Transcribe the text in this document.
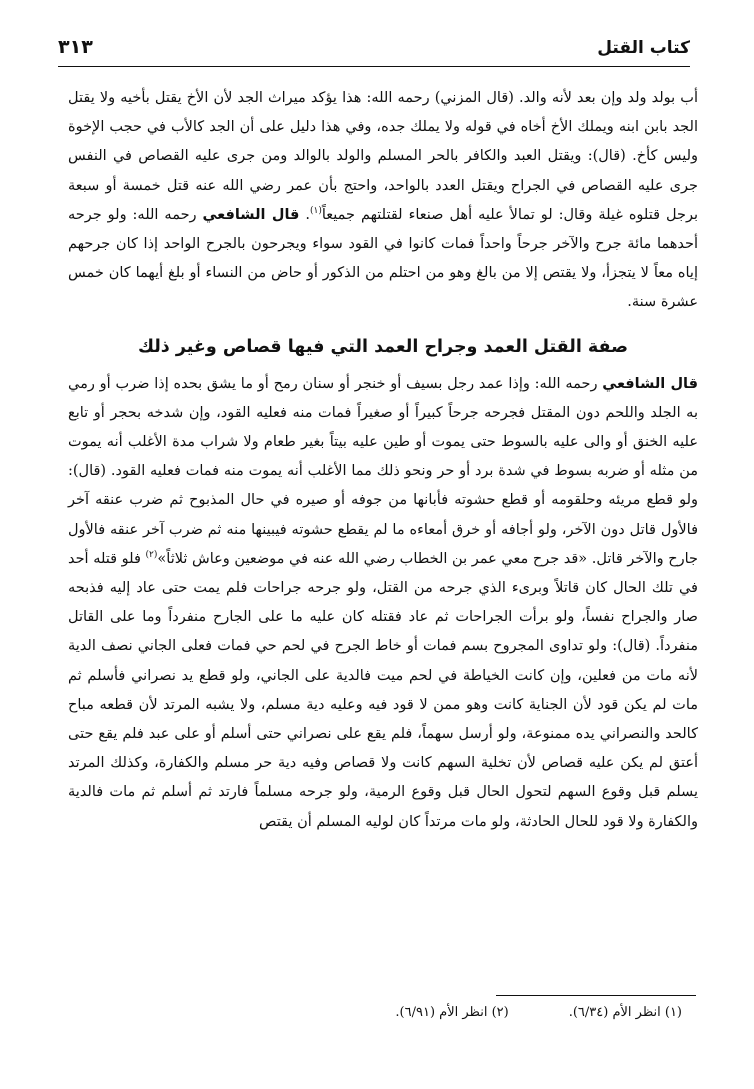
كتاب القتل
٣١٣

أب بولد ولد وإن بعد لأنه والد. (قال المزني) رحمه الله: هذا يؤكد ميراث الجد لأن الأخ يقتل بأخيه ولا يقتل الجد بابن ابنه ويملك الأخ أخاه في قوله ولا يملك جده، وفي هذا دليل على أن الجد كالأب في حجب الإخوة وليس كأخ. (قال): ويقتل العبد والكافر بالحر المسلم والولد بالوالد ومن جرى عليه القصاص في النفس جرى عليه القصاص في الجراح ويقتل العدد بالواحد، واحتج بأن عمر رضي الله عنه قتل خمسة أو سبعة برجل قتلوه غيلة وقال: لو تمالأ عليه أهل صنعاء لقتلتهم جميعاً$^{(١)}$. قال الشافعي رحمه الله: ولو جرحه أحدهما مائة جرح والآخر جرحاً واحداً فمات كانوا في القود سواء ويجرحون بالجرح الواحد إذا كان جرحهم إياه معاً لا يتجزأ، ولا يقتص إلا من بالغ وهو من احتلم من الذكور أو حاض من النساء أو بلغ أيهما كان خمس عشرة سنة.

صفة القتل العمد وجراح العمد التي فيها قصاص وغير ذلك

قال الشافعي رحمه الله: وإذا عمد رجل بسيف أو خنجر أو سنان رمح أو ما يشق بحده إذا ضرب أو رمي به الجلد واللحم دون المقتل فجرحه جرحاً كبيراً أو صغيراً فمات منه فعليه القود، وإن شدخه بحجر أو تابع عليه الخنق أو والى عليه بالسوط حتى يموت أو طين عليه بيتاً بغير طعام ولا شراب مدة الأغلب أنه يموت من مثله أو ضربه بسوط في شدة برد أو حر ونحو ذلك مما الأغلب أنه يموت منه فمات فعليه القود. (قال): ولو قطع مريئه وحلقومه أو قطع حشوته فأبانها من جوفه أو صيره في حال المذبوح ثم ضرب عنقه آخر فالأول قاتل دون الآخر، ولو أجافه أو خرق أمعاءه ما لم يقطع حشوته فيبينها منه ثم ضرب آخر عنقه فالأول جارح والآخر قاتل. «قد جرح معي عمر بن الخطاب رضي الله عنه في موضعين وعاش ثلاثاً»$^{(٢)}$ فلو قتله أحد في تلك الحال كان قاتلاً وبرىء الذي جرحه من القتل، ولو جرحه جراحات فلم يمت حتى عاد إليه فذبحه صار والجراح نفساً، ولو برأت الجراحات ثم عاد فقتله كان عليه ما على الجارح منفرداً وما على القاتل منفرداً. (قال): ولو تداوى المجروح بسم فمات أو خاط الجرح في لحم حي فمات فعلى الجاني نصف الدية لأنه مات من فعلين، وإن كانت الخياطة في لحم ميت فالدية على الجاني، ولو قطع يد نصراني فأسلم ثم مات لم يكن قود لأن الجناية كانت وهو ممن لا قود فيه وعليه دية مسلم، ولا يشبه المرتد لأن قطعه مباح كالحد والنصراني يده ممنوعة، ولو أرسل سهماً، فلم يقع على نصراني حتى أسلم أو على عبد فلم يقع حتى أعتق لم يكن عليه قصاص لأن تخلية السهم كانت ولا قصاص وفيه دية حر مسلم والكفارة، وكذلك المرتد يسلم قبل وقوع السهم لتحول الحال قبل وقوع الرمية، ولو جرحه مسلماً فارتد ثم أسلم ثم مات فالدية والكفارة ولا قود للحال الحادثة، ولو مات مرتداً كان لوليه المسلم أن يقتص

(١) انظر الأم (٦/٣٤).(٢) انظر الأم (٦/٩١).
